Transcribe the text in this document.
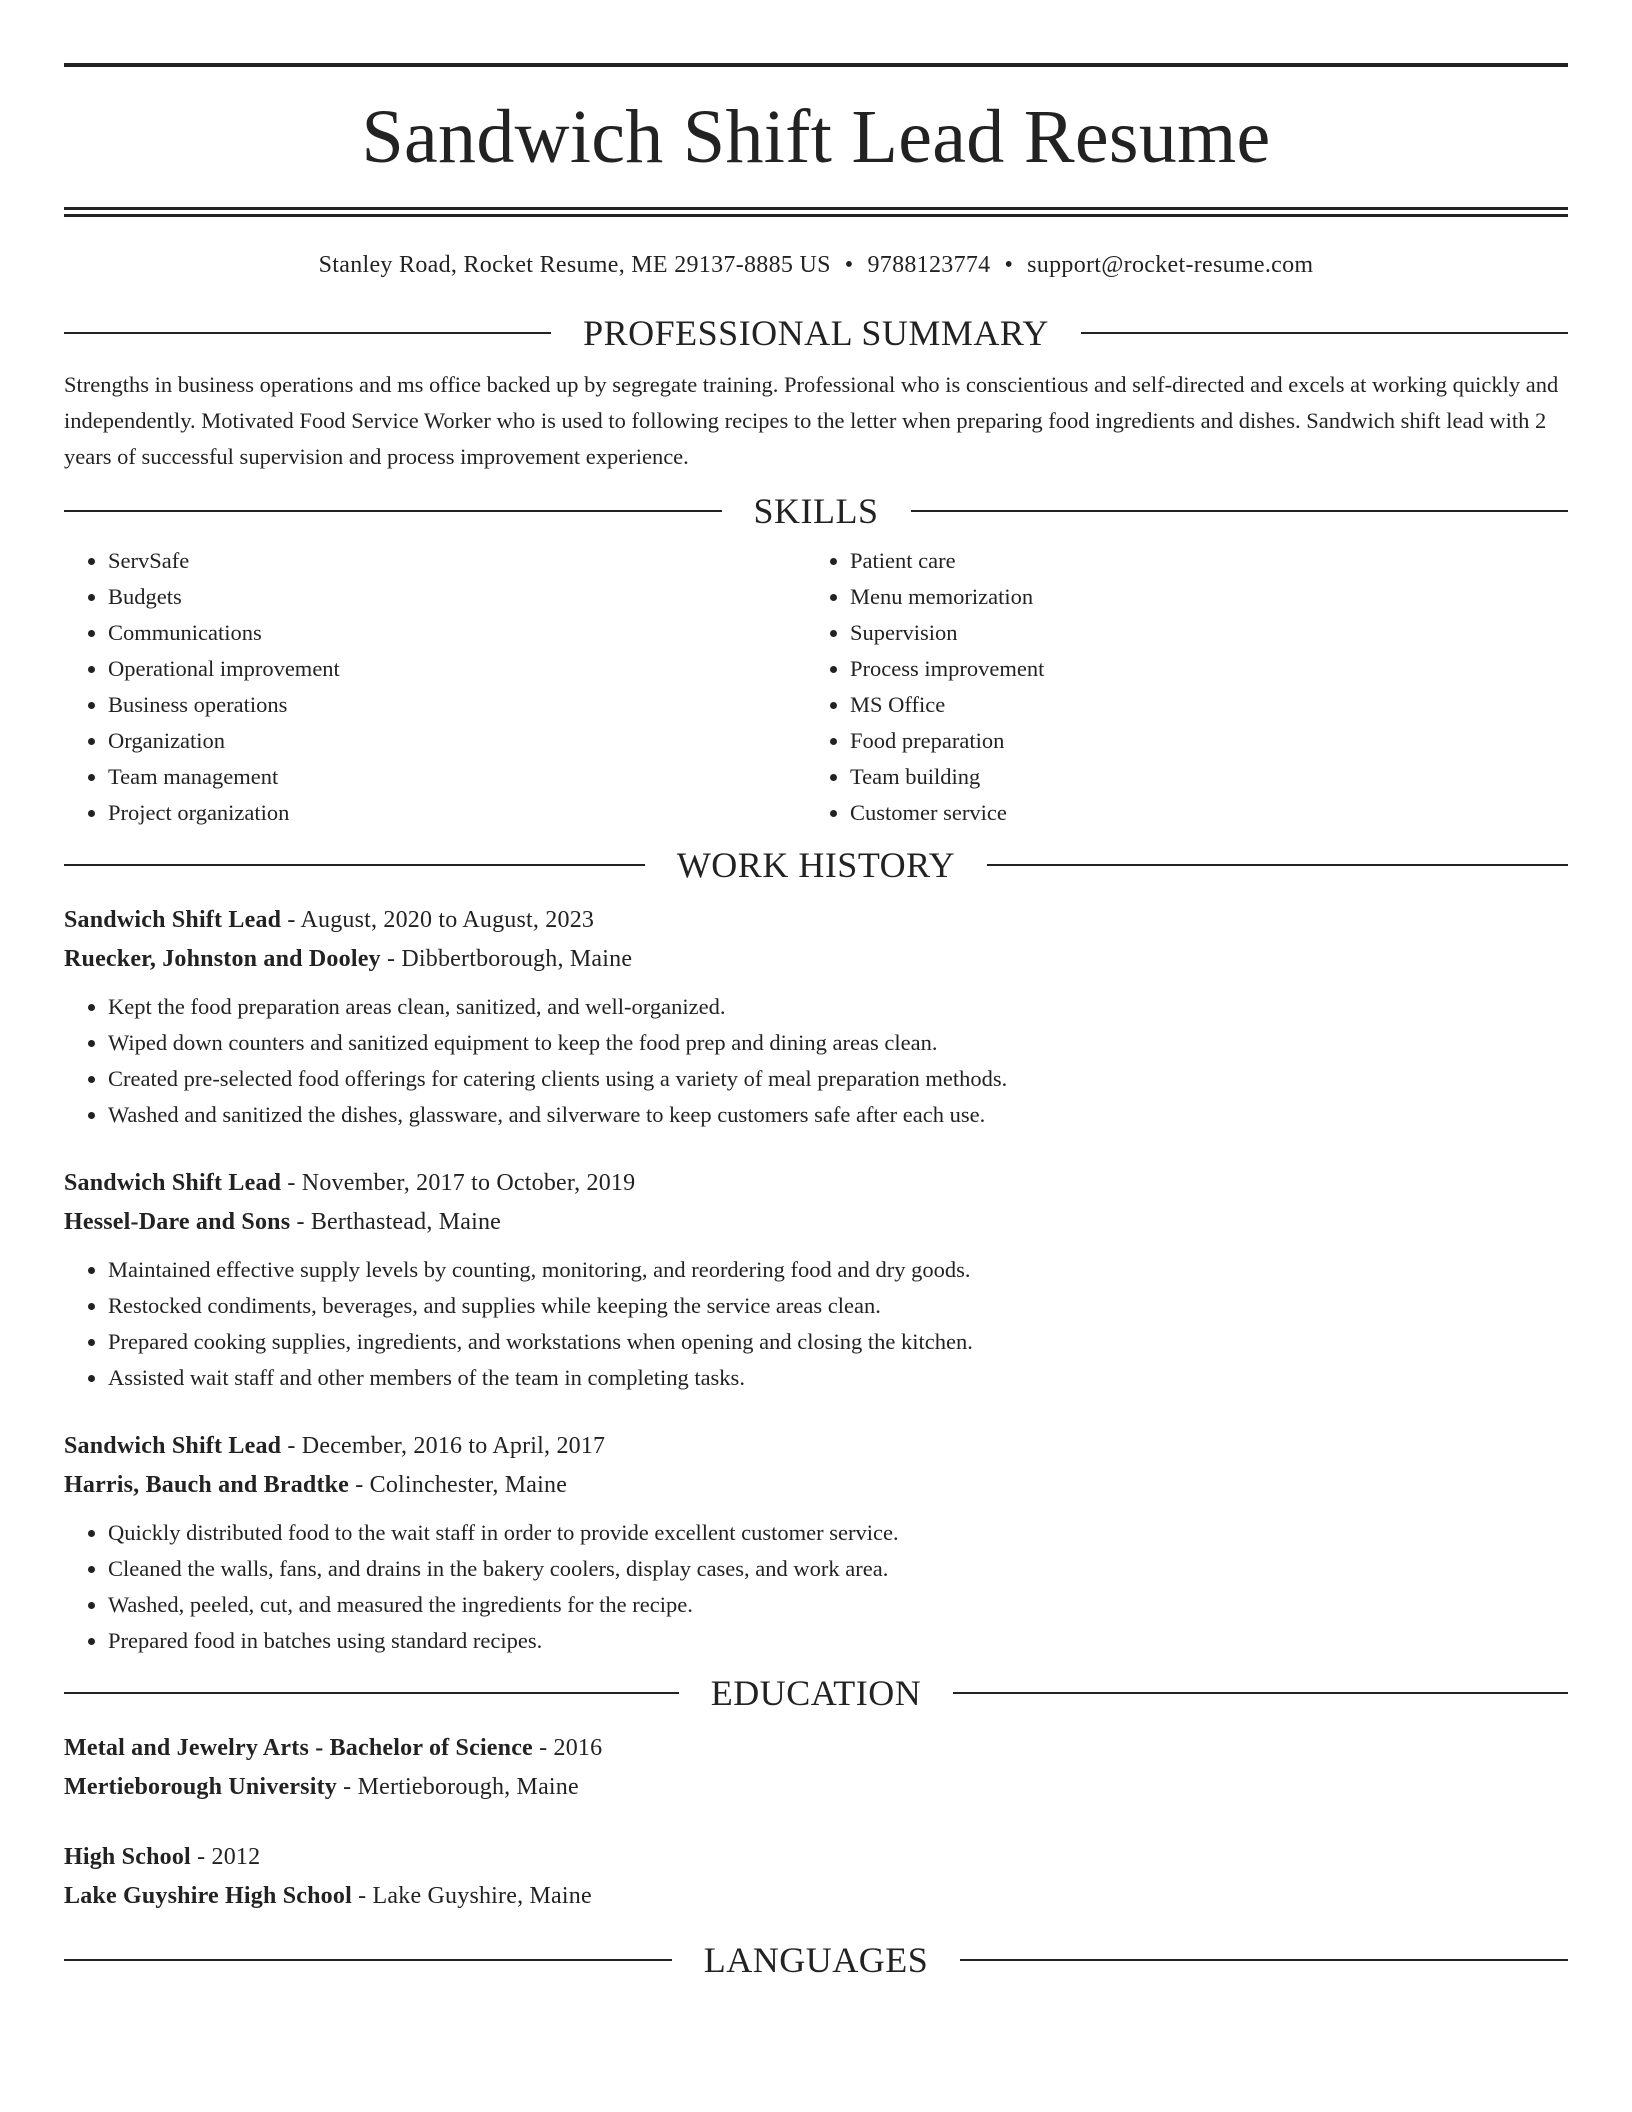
Sandwich Shift Lead Resume
Stanley Road, Rocket Resume, ME 29137-8885 US • 9788123774 • support@rocket-resume.com
PROFESSIONAL SUMMARY

Strengths in business operations and ms office backed up by segregate training. Professional who is conscientious and self-directed and excels at working quickly and independently. Motivated Food Service Worker who is used to following recipes to the letter when preparing food ingredients and dishes. Sandwich shift lead with 2 years of successful supervision and process improvement experience.

SKILLS
• ServSafe
• Budgets
• Communications
• Operational improvement
• Business operations
• Organization
• Team management
• Project organization
• Patient care
• Menu memorization
• Supervision
• Process improvement
• MS Office
• Food preparation
• Team building
• Customer service
WORK HISTORY
Sandwich Shift Lead - August, 2020 to August, 2023
Ruecker, Johnston and Dooley - Dibbertborough, Maine
• Kept the food preparation areas clean, sanitized, and well-organized.
• Wiped down counters and sanitized equipment to keep the food prep and dining areas clean.
• Created pre-selected food offerings for catering clients using a variety of meal preparation methods.
• Washed and sanitized the dishes, glassware, and silverware to keep customers safe after each use.
Sandwich Shift Lead - November, 2017 to October, 2019
Hessel-Dare and Sons - Berthastead, Maine
• Maintained effective supply levels by counting, monitoring, and reordering food and dry goods.
• Restocked condiments, beverages, and supplies while keeping the service areas clean.
• Prepared cooking supplies, ingredients, and workstations when opening and closing the kitchen.
• Assisted wait staff and other members of the team in completing tasks.
Sandwich Shift Lead - December, 2016 to April, 2017
Harris, Bauch and Bradtke - Colinchester, Maine
• Quickly distributed food to the wait staff in order to provide excellent customer service.
• Cleaned the walls, fans, and drains in the bakery coolers, display cases, and work area.
• Washed, peeled, cut, and measured the ingredients for the recipe.
• Prepared food in batches using standard recipes.
EDUCATION
Metal and Jewelry Arts - Bachelor of Science - 2016
Mertieborough University - Mertieborough, Maine
High School - 2012
Lake Guyshire High School - Lake Guyshire, Maine
LANGUAGES
